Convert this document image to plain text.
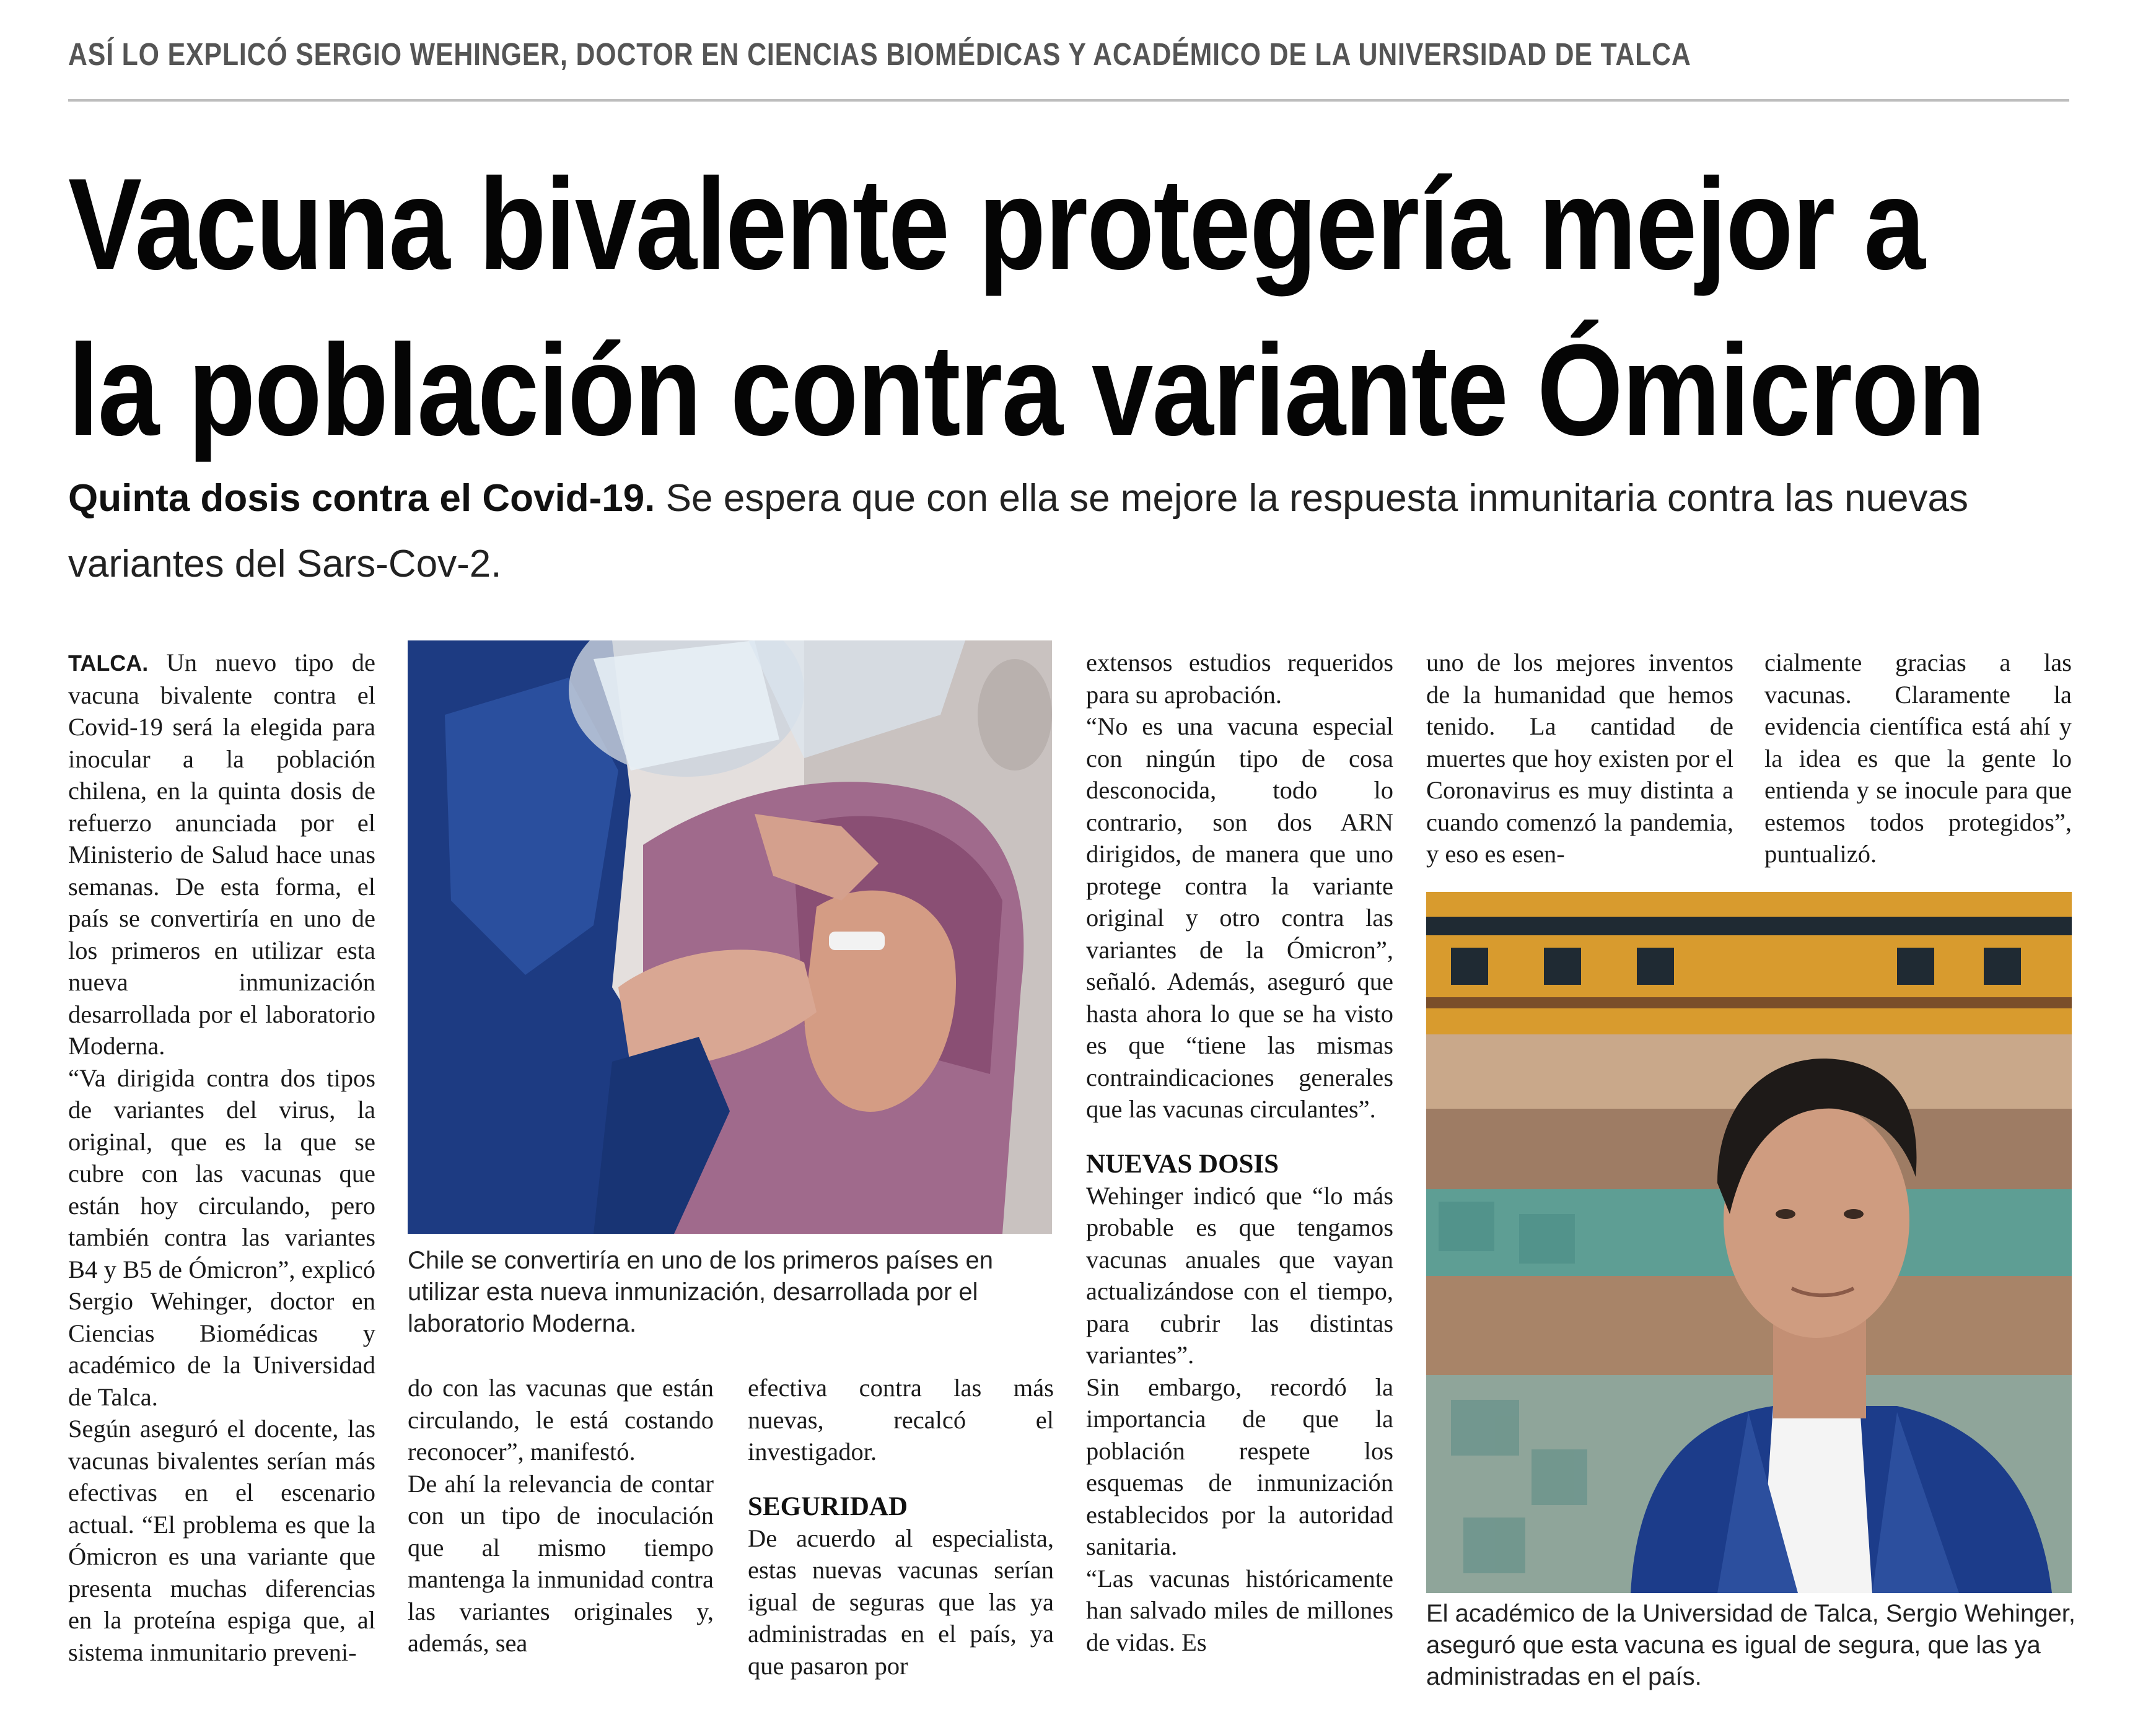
ASÍ LO EXPLICÓ SERGIO WEHINGER, DOCTOR EN CIENCIAS BIOMÉDICAS Y ACADÉMICO DE LA UNIVERSIDAD DE TALCA
Vacuna bivalente protegería mejor a
la población contra variante Ómicron
Quinta dosis contra el Covid-19. Se espera que con ella se mejore la respuesta inmunitaria contra las nuevas variantes del Sars-Cov-2.

TALCA. Un nuevo tipo de vacuna bivalente contra el Covid-19 será la elegida para inocular a la población chilena, en la quinta dosis de refuerzo anunciada por el Ministerio de Salud hace unas semanas. De esta forma, el país se convertiría en uno de los primeros en utilizar esta nueva inmunización desarrollada por el laboratorio Moderna.

“Va dirigida contra dos tipos de variantes del virus, la original, que es la que se cubre con las vacunas que están hoy circulando, pero también contra las variantes B4 y B5 de Ómicron”, explicó Sergio Wehinger, doctor en Ciencias Biomédicas y académico de la Universidad de Talca.

Según aseguró el docente, las vacunas bivalentes serían más efectivas en el escenario actual. “El problema es que la Ómicron es una variante que presenta muchas diferencias en la proteína espiga que, al sistema inmunitario preveni-

Chile se convertiría en uno de los primeros países en utilizar esta nueva inmunización, desarrollada por el laboratorio Moderna.

do con las vacunas que están circulando, le está costando reconocer”, manifestó.

De ahí la relevancia de contar con un tipo de inoculación que al mismo tiempo mantenga la inmunidad contra las variantes originales y, además, sea

efectiva contra las más nuevas, recalcó el investigador.

SEGURIDAD

De acuerdo al especialista, estas nuevas vacunas serían igual de seguras que las ya administradas en el país, ya que pasaron por

extensos estudios requeridos para su aprobación.

“No es una vacuna especial con ningún tipo de cosa desconocida, todo lo contrario, son dos ARN dirigidos, de manera que uno protege contra la variante original y otro contra las variantes de la Ómicron”, señaló. Además, aseguró que hasta ahora lo que se ha visto es que “tiene las mismas contraindicaciones generales que las vacunas circulantes”.

NUEVAS DOSIS

Wehinger indicó que “lo más probable es que tengamos vacunas anuales que vayan actualizándose con el tiempo, para cubrir las distintas variantes”.

Sin embargo, recordó la importancia de que la población respete los esquemas de inmunización establecidos por la autoridad sanitaria.

“Las vacunas históricamente han salvado miles de millones de vidas. Es

uno de los mejores inventos de la humanidad que hemos tenido. La cantidad de muertes que hoy existen por el Coronavirus es muy distinta a cuando comenzó la pandemia, y eso es esen-

cialmente gracias a las vacunas. Claramente la evidencia científica está ahí y la idea es que la gente lo entienda y se inocule para que estemos todos protegidos”, puntualizó.

El académico de la Universidad de Talca, Sergio Wehinger, aseguró que esta vacuna es igual de segura, que las ya administradas en el país.
